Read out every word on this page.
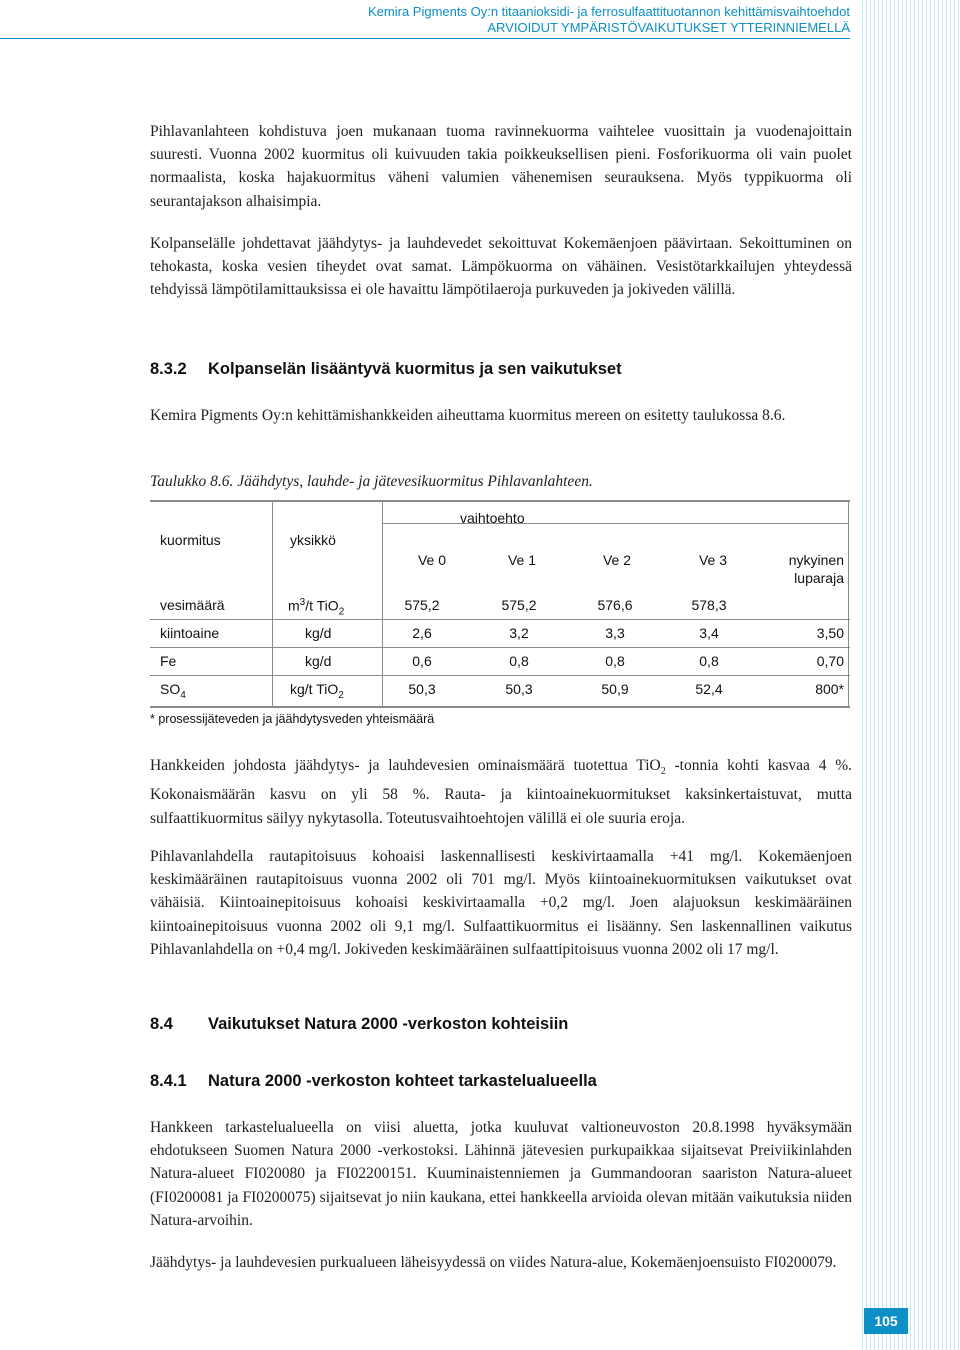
Kemira Pigments Oy:n titaanioksidi- ja ferrosulfaattituotannon kehittämisvaihtoehdot
ARVIOIDUT YMPÄRISTÖVAIKUTUKSET YTTERINNIEMELLÄ
Pihlavanlahteen kohdistuva joen mukanaan tuoma ravinnekuorma vaihtelee vuosittain ja vuodenajoittain suuresti. Vuonna 2002 kuormitus oli kuivuuden takia poikkeuksellisen pieni. Fosforikuorma oli vain puolet normaalista, koska hajakuormitus väheni valumien vähenemisen seurauksena. Myös typpikuorma oli seurantajakson alhaisimpia.
Kolpanselälle johdettavat jäähdytys- ja lauhdevedet sekoittuvat Kokemäenjoen päävirtaan. Sekoittuminen on tehokasta, koska vesien tiheydet ovat samat. Lämpökuorma on vähäinen. Vesistötarkkailujen yhteydessä tehdyissä lämpötilamittauksissa ei ole havaittu lämpötilaeroja purkuveden ja jokiveden välillä.
8.3.2 Kolpanselän lisääntyvä kuormitus ja sen vaikutukset
Kemira Pigments Oy:n kehittämishankkeiden aiheuttama kuormitus mereen on esitetty taulukossa 8.6.
Taulukko 8.6. Jäähdytys, lauhde- ja jätevesikuormitus Pihlavanlahteen.
vaihtoehto
kuormitus	yksikkö
Ve 0	Ve 1	Ve 2	Ve 3	nykyinen
luparaja
vesimäärä	$m^3/t$ TiO$_2$	575,2	575,2	576,6	578,3
kiintoaine	kg/d	2,6	3,2	3,3	3,4	3,50
Fe	kg/d	0,6	0,8	0,8	0,8	0,70
$SO_4$	kg/t TiO$_2$	50,3	50,3	50,9	52,4	800*
* prosessijäteveden ja jäähdytysveden yhteismäärä
Hankkeiden johdosta jäähdytys- ja lauhdevesien ominaismäärä tuotettua TiO$_2$ -tonnia kohti kasvaa 4 %. Kokonaismäärän kasvu on yli 58 %. Rauta- ja kiintoainekuormitukset kaksinkertaistuvat, mutta sulfaattikuormitus säilyy nykytasolla. Toteutusvaihtoehtojen välillä ei ole suuria eroja.
Pihlavanlahdella rautapitoisuus kohoaisi laskennallisesti keskivirtaamalla +41 mg/l. Kokemäenjoen keskimääräinen rautapitoisuus vuonna 2002 oli 701 mg/l. Myös kiintoainekuormituksen vaikutukset ovat vähäisiä. Kiintoainepitoisuus kohoaisi keskivirtaamalla +0,2 mg/l. Joen alajuoksun keskimääräinen kiintoainepitoisuus vuonna 2002 oli 9,1 mg/l. Sulfaattikuormitus ei lisäänny. Sen laskennallinen vaikutus Pihlavanlahdella on +0,4 mg/l. Jokiveden keskimääräinen sulfaattipitoisuus vuonna 2002 oli 17 mg/l.
8.4 Vaikutukset Natura 2000 -verkoston kohteisiin
8.4.1 Natura 2000 -verkoston kohteet tarkastelualueella
Hankkeen tarkastelualueella on viisi aluetta, jotka kuuluvat valtioneuvoston 20.8.1998 hyväksymään ehdotukseen Suomen Natura 2000 -verkostoksi. Lähinnä jätevesien purkupaikkaa sijaitsevat Preiviikinlahden Natura-alueet FI020080 ja FI02200151. Kuuminaistenniemen ja Gummandooran saariston Natura-alueet (FI0200081 ja FI0200075) sijaitsevat jo niin kaukana, ettei hankkeella arvioida olevan mitään vaikutuksia niiden Natura-arvoihin.
Jäähdytys- ja lauhdevesien purkualueen läheisyydessä on viides Natura-alue, Kokemäenjoensuisto FI0200079.
105
